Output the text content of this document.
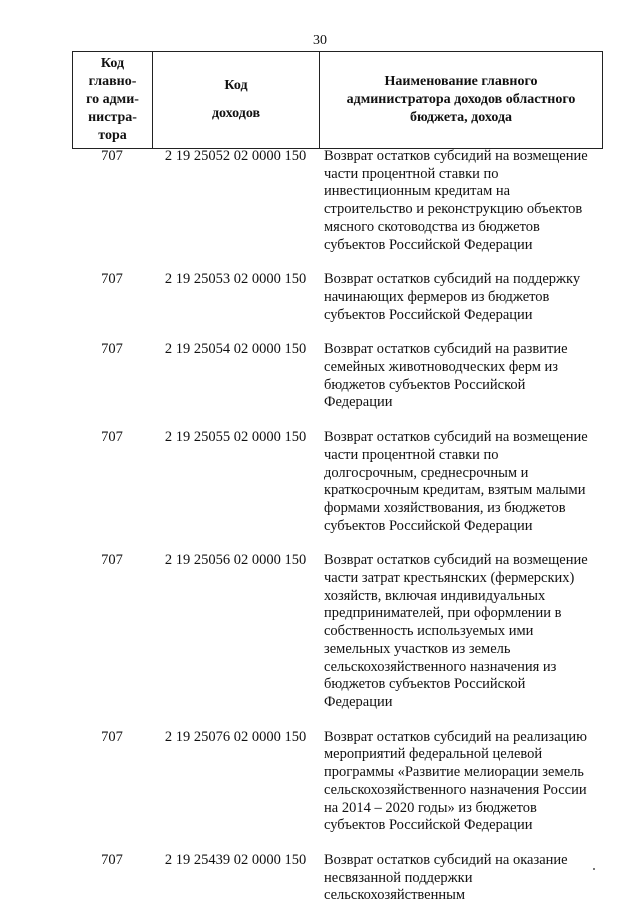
30
Код
главно-
го адми-
нистра-
тора

Код
доходов

Наименование главного
администратора доходов областного
бюджета, дохода
707	2 19 25052 02 0000 150	Возврат остатков субсидий на возмещение
части процентной ставки по
инвестиционным кредитам на
строительство и реконструкцию объектов
мясного скотоводства из бюджетов
субъектов Российской Федерации
707	2 19 25053 02 0000 150	Возврат остатков субсидий на поддержку
начинающих фермеров из бюджетов
субъектов Российской Федерации
707	2 19 25054 02 0000 150	Возврат остатков субсидий на развитие
семейных животноводческих ферм из
бюджетов субъектов Российской
Федерации
707	2 19 25055 02 0000 150	Возврат остатков субсидий на возмещение
части процентной ставки по
долгосрочным, среднесрочным и
краткосрочным кредитам, взятым малыми
формами хозяйствования, из бюджетов
субъектов Российской Федерации
707	2 19 25056 02 0000 150	Возврат остатков субсидий на возмещение
части затрат крестьянских (фермерских)
хозяйств, включая индивидуальных
предпринимателей, при оформлении в
собственность используемых ими
земельных участков из земель
сельскохозяйственного назначения из
бюджетов субъектов Российской
Федерации
707	2 19 25076 02 0000 150	Возврат остатков субсидий на реализацию
мероприятий федеральной целевой
программы «Развитие мелиорации земель
сельскохозяйственного назначения России
на 2014 – 2020 годы» из бюджетов
субъектов Российской Федерации
707	2 19 25439 02 0000 150	Возврат остатков субсидий на оказание
несвязанной поддержки
сельскохозяйственным
